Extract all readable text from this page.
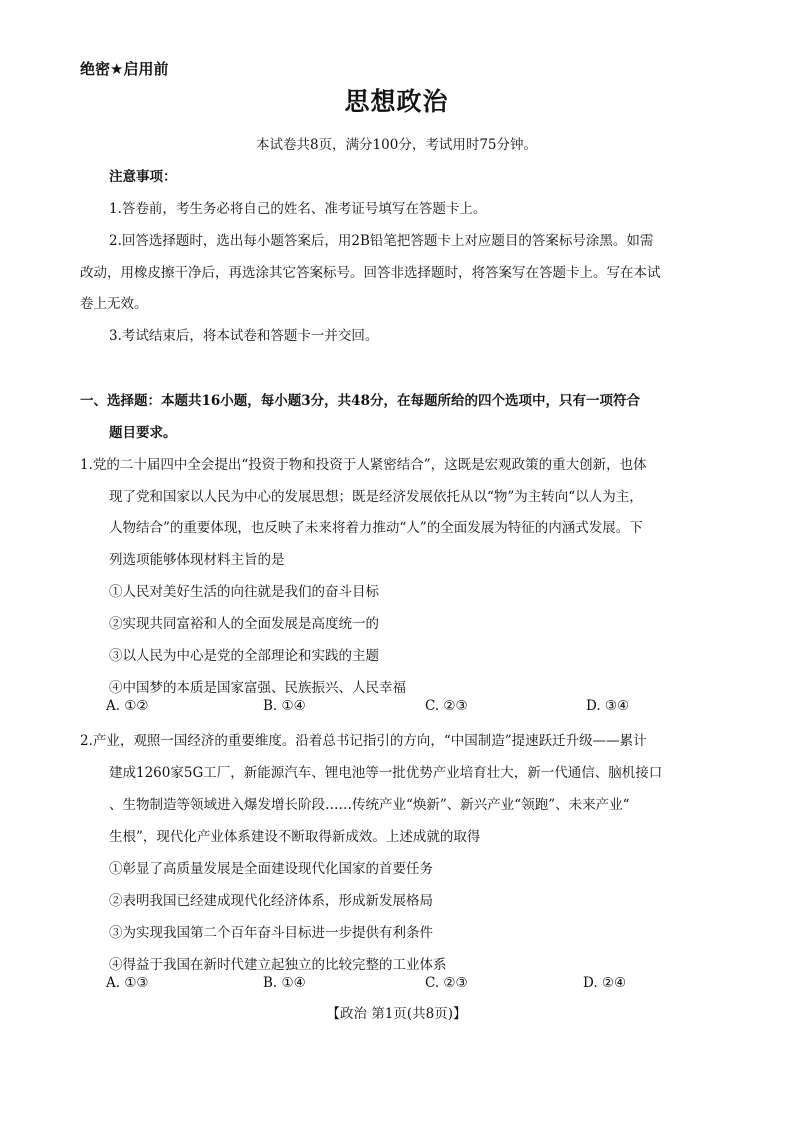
绝密★启用前
思想政治
本试卷共8页，满分100分，考试用时75分钟。
注意事项：
1.答卷前，考生务必将自己的姓名、准考证号填写在答题卡上。
2.回答选择题时，选出每小题答案后，用2B铅笔把答题卡上对应题目的答案标号涂黑。如需
改动，用橡皮擦干净后，再选涂其它答案标号。回答非选择题时，将答案写在答题卡上。写在本试
卷上无效。
3.考试结束后，将本试卷和答题卡一并交回。
一、选择题：本题共16小题，每小题3分，共48分，在每题所给的四个选项中，只有一项符合
题目要求。
1.党的二十届四中全会提出“投资于物和投资于人紧密结合”，这既是宏观政策的重大创新，也体
现了党和国家以人民为中心的发展思想；既是经济发展依托从以“物”为主转向“以人为主，
人物结合”的重要体现，也反映了未来将着力推动“人”的全面发展为特征的内涵式发展。下
列选项能够体现材料主旨的是
①人民对美好生活的向往就是我们的奋斗目标
②实现共同富裕和人的全面发展是高度统一的
③以人民为中心是党的全部理论和实践的主题
④中国梦的本质是国家富强、民族振兴、人民幸福
A. ①②	B. ①④	C. ②③	D. ③④
2.产业，观照一国经济的重要维度。沿着总书记指引的方向，“中国制造”提速跃迁升级——累计
建成1260家5G工厂，新能源汽车、锂电池等一批优势产业培育壮大，新一代通信、脑机接口
、生物制造等领域进入爆发增长阶段……传统产业“焕新”、新兴产业“领跑”、未来产业“
生根”，现代化产业体系建设不断取得新成效。上述成就的取得
①彰显了高质量发展是全面建设现代化国家的首要任务
②表明我国已经建成现代化经济体系，形成新发展格局
③为实现我国第二个百年奋斗目标进一步提供有利条件
④得益于我国在新时代建立起独立的比较完整的工业体系
A. ①③	B. ①④	C. ②③	D. ②④
【政治 第1页(共8页)】
